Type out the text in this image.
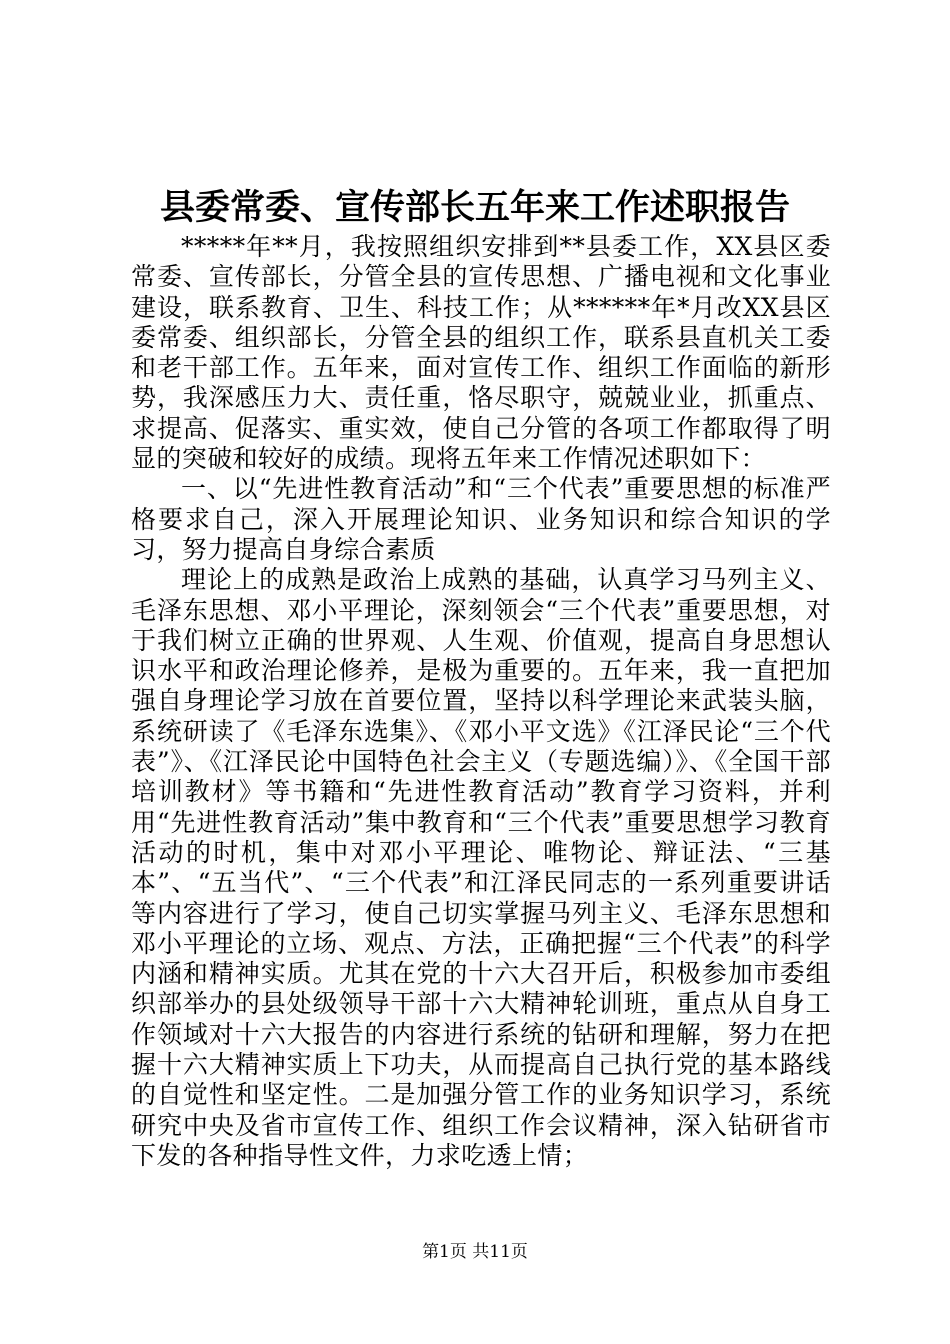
县委常委、宣传部长五年来工作述职报告

*****年**月，我按照组织安排到**县委工作，XX县区委常委、宣传部长，分管全县的宣传思想、广播电视和文化事业建设，联系教育、卫生、科技工作；从******年*月改XX县区委常委、组织部长，分管全县的组织工作，联系县直机关工委和老干部工作。五年来，面对宣传工作、组织工作面临的新形势，我深感压力大、责任重，恪尽职守，兢兢业业，抓重点、求提高、促落实、重实效，使自己分管的各项工作都取得了明显的突破和较好的成绩。现将五年来工作情况述职如下：

一、以“先进性教育活动”和“三个代表”重要思想的标准严格要求自己，深入开展理论知识、业务知识和综合知识的学习，努力提高自身综合素质

理论上的成熟是政治上成熟的基础，认真学习马列主义、毛泽东思想、邓小平理论，深刻领会“三个代表”重要思想，对于我们树立正确的世界观、人生观、价值观，提高自身思想认识水平和政治理论修养，是极为重要的。五年来，我一直把加强自身理论学习放在首要位置，坚持以科学理论来武装头脑，系统研读了《毛泽东选集》、《邓小平文选》《江泽民论“三个代表”》、《江泽民论中国特色社会主义（专题选编）》、《全国干部培训教材》等书籍和“先进性教育活动”教育学习资料，并利用“先进性教育活动”集中教育和“三个代表”重要思想学习教育活动的时机，集中对邓小平理论、唯物论、辩证法、“三基本”、“五当代”、“三个代表”和江泽民同志的一系列重要讲话等内容进行了学习，使自己切实掌握马列主义、毛泽东思想和邓小平理论的立场、观点、方法，正确把握“三个代表”的科学内涵和精神实质。尤其在党的十六大召开后，积极参加市委组织部举办的县处级领导干部十六大精神轮训班，重点从自身工作领域对十六大报告的内容进行系统的钻研和理解，努力在把握十六大精神实质上下功夫，从而提高自己执行党的基本路线的自觉性和坚定性。二是加强分管工作的业务知识学习，系统研究中央及省市宣传工作、组织工作会议精神，深入钻研省市下发的各种指导性文件，力求吃透上情；

第1页 共11页
